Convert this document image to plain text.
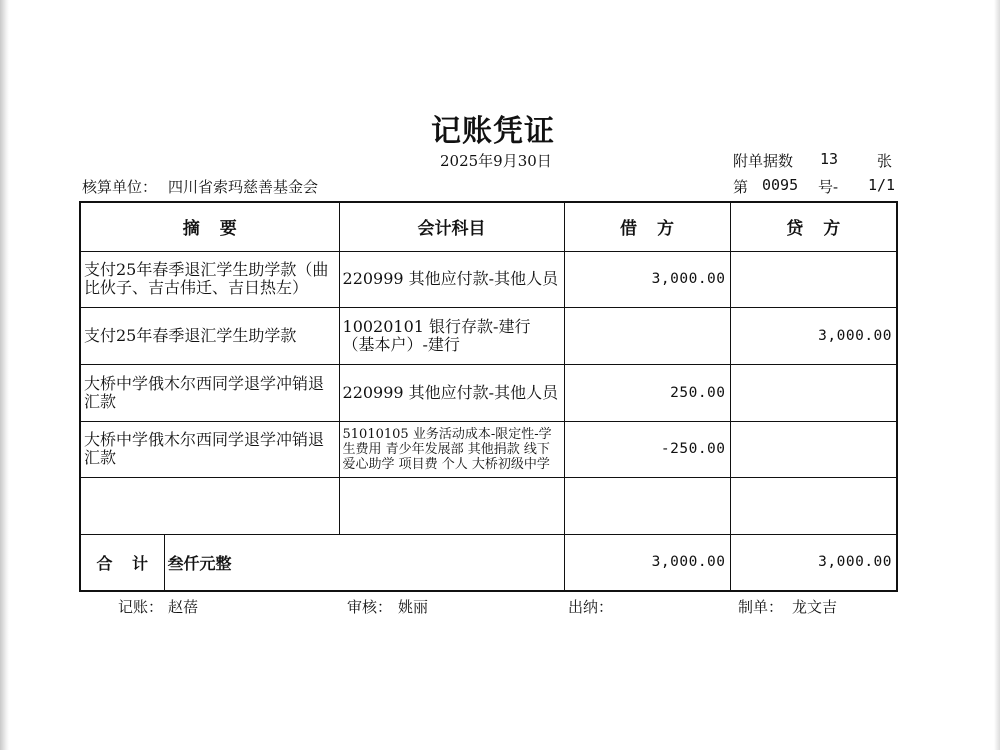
记账凭证
2025年9月30日	附单据数 13	张
核算单位： 四川省索玛慈善基金会	第 0095 号- 1/1
摘 要		会计科目	借 方	贷 方
支付25年春季退汇学生助学款（曲比伙子、吉古伟迁、吉日热左）		220999 其他应付款-其他人员	3,000.00	
支付25年春季退汇学生助学款		10020101 银行存款-建行（基本户）-建行		3,000.00
大桥中学俄木尔西同学退学冲销退汇款		220999 其他应付款-其他人员	250.00	
大桥中学俄木尔西同学退学冲销退汇款		51010105 业务活动成本-限定性-学生费用 青少年发展部 其他捐款 线下爱心助学 项目费 个人 大桥初级中学	-250.00	

合 计	叁仟元整		3,000.00	3,000.00
记账： 赵蓓	审核： 姚丽	出纳：	制单： 龙文吉
